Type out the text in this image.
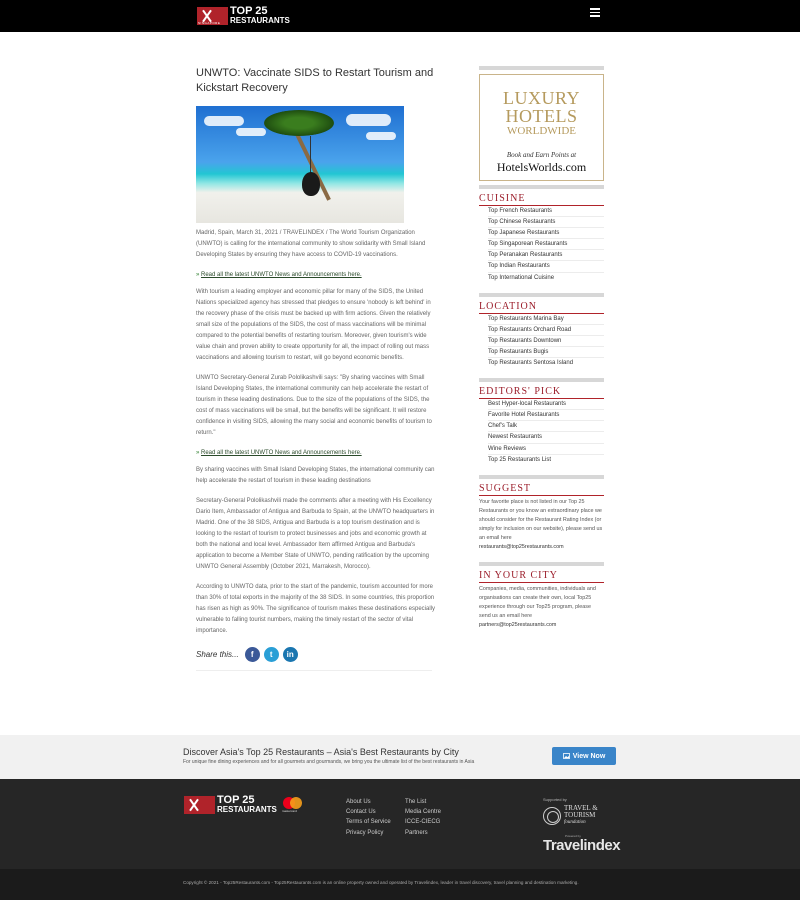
SINGAPORE
TOP 25
RESTAURANTS
UNWTO: Vaccinate SIDS to Restart Tourism and Kickstart Recovery

Madrid, Spain, March 31, 2021 / TRAVELINDEX / The World Tourism Organization (UNWTO) is calling for the international community to show solidarity with Small Island Developing States by ensuring they have access to COVID-19 vaccinations.

» Read all the latest UNWTO News and Announcements here.

With tourism a leading employer and economic pillar for many of the SIDS, the United Nations specialized agency has stressed that pledges to ensure 'nobody is left behind' in the recovery phase of the crisis must be backed up with firm actions. Given the relatively small size of the populations of the SIDS, the cost of mass vaccinations will be minimal compared to the potential benefits of restarting tourism. Moreover, given tourism's wide value chain and proven ability to create opportunity for all, the impact of rolling out mass vaccinations and allowing tourism to restart, will go beyond economic benefits.

UNWTO Secretary-General Zurab Pololikashvili says: "By sharing vaccines with Small Island Developing States, the international community can help accelerate the restart of tourism in these leading destinations. Due to the size of the populations of the SIDS, the cost of mass vaccinations will be small, but the benefits will be significant. It will restore confidence in visiting SIDS, allowing the many social and economic benefits of tourism to return."

» Read all the latest UNWTO News and Announcements here.

By sharing vaccines with Small Island Developing States, the international community can help accelerate the restart of tourism in these leading destinations

Secretary-General Pololikashvili made the comments after a meeting with His Excellency Dario Item, Ambassador of Antigua and Barbuda to Spain, at the UNWTO headquarters in Madrid. One of the 38 SIDS, Antigua and Barbuda is a top tourism destination and is looking to the restart of tourism to protect businesses and jobs and economic growth at both the national and local level. Ambassador Item affirmed Antigua and Barbuda's application to become a Member State of UNWTO, pending ratification by the upcoming UNWTO General Assembly (October 2021, Marrakesh, Morocco).

According to UNWTO data, prior to the start of the pandemic, tourism accounted for more than 30% of total exports in the majority of the 38 SIDS. In some countries, this proportion has risen as high as 90%. The significance of tourism makes these destinations especially vulnerable to falling tourist numbers, making the timely restart of the sector of vital importance.

Share this...	f	t	in
LUXURY
HOTELS
WORLDWIDE
Book and Earn Points at
HotelsWorlds.com
CUISINE
Top French Restaurants
Top Chinese Restaurants
Top Japanese Restaurants
Top Singaporean Restaurants
Top Peranakan Restaurants
Top Indian Restaurants
Top International Cuisine
LOCATION
Top Restaurants Marina Bay
Top Restaurants Orchard Road
Top Restaurants Downtown
Top Restaurants Bugis
Top Restaurants Sentosa Island
EDITORS' PICK
Best Hyper-local Restaurants
Favorite Hotel Restaurants
Chef's Talk
Newest Restaurants
Wine Reviews
Top 25 Restaurants List
SUGGEST

Your favorite place is not listed in our Top 25 Restaurants or you know an extraordinary place we should consider for the Restaurant Rating Index (or simply for inclusion on our website), please send us an email here

restaurants@top25restaurants.com

IN YOUR CITY

Companies, media, communities, individuals and organisations can create their own, local Top25 experience through our Top25 program, please send us an email here

partners@top25restaurants.com

Discover Asia's Top 25 Restaurants – Asia's Best Restaurants by City
For unique fine dining experiences and for all gourmets and gourmands, we bring you the ultimate list of the best restaurants in Asia
View Now
TOP 25
RESTAURANTS mastercard
About Us
Contact Us
Terms of Service
Privacy Policy
The List
Media Centre
ICCE-CIECG
Partners
Supported by
TRAVEL &
TOURISM
foundation
Powered by
Travelindex
Copyright © 2021 - Top25Restaurants.com - Top25Restaurants.com is an online property owned and operated by Travelindex, leader in travel discovery, travel planning and destination marketing.
